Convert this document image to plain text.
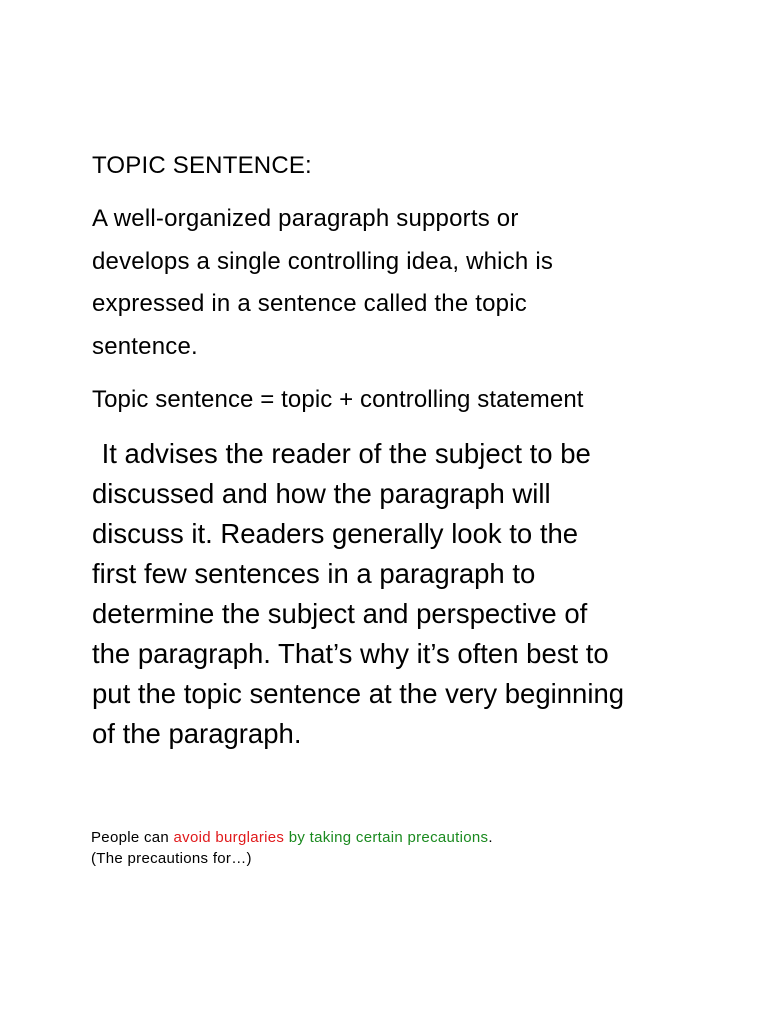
TOPIC SENTENCE:

A well-organized paragraph supports or
develops a single controlling idea, which is
expressed in a sentence called the topic
sentence.

Topic sentence = topic + controlling statement

It advises the reader of the subject to be
discussed and how the paragraph will
discuss it. Readers generally look to the
first few sentences in a paragraph to
determine the subject and perspective of
the paragraph. That’s why it’s often best to
put the topic sentence at the very beginning
of the paragraph.

People can avoid burglaries by taking certain precautions.
(The precautions for…)
